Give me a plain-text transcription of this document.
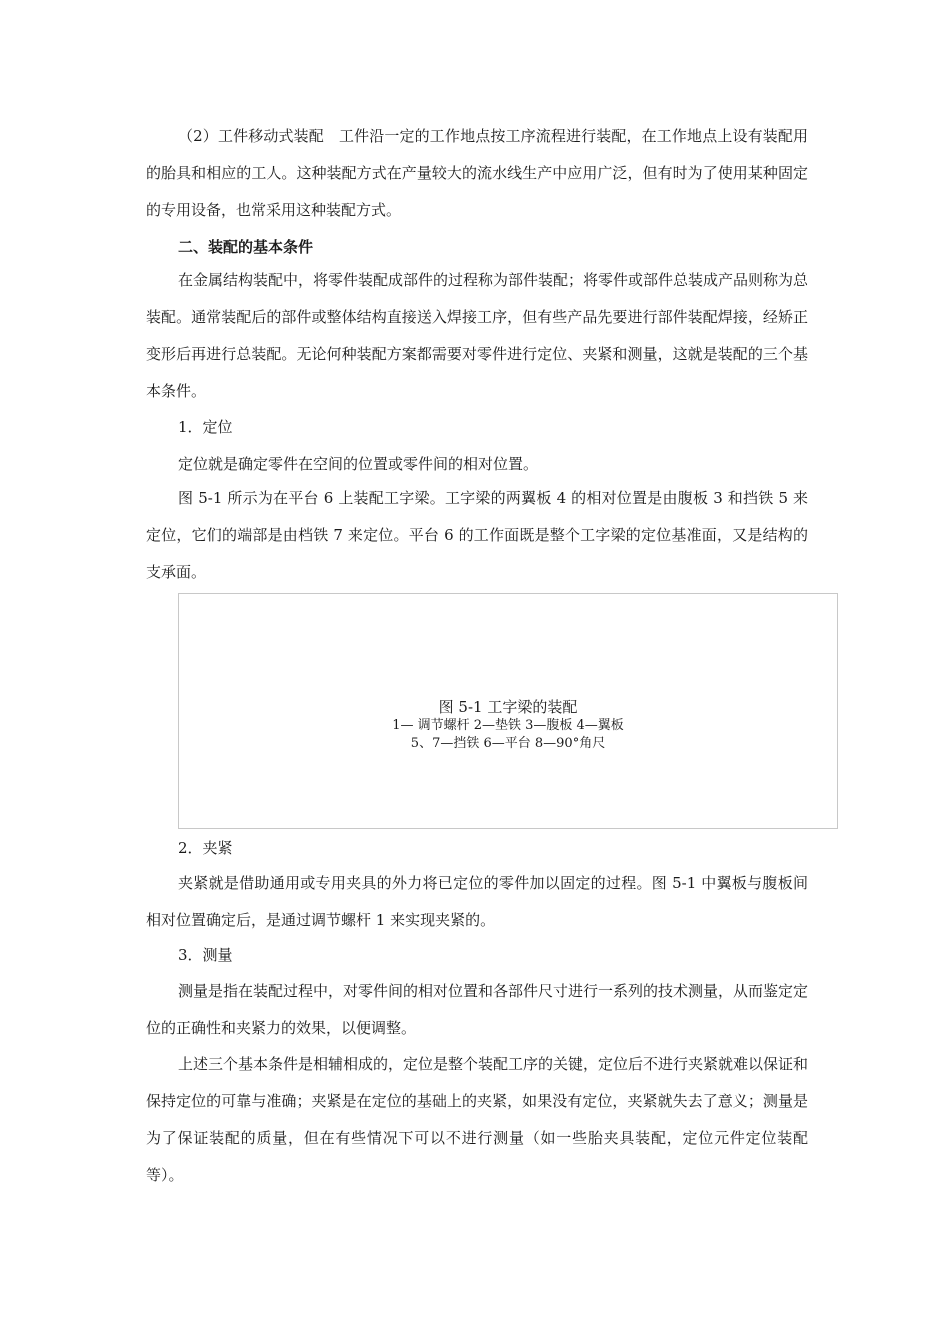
（2）工件移动式装配　工件沿一定的工作地点按工序流程进行装配，在工作地点上设有装配用的胎具和相应的工人。这种装配方式在产量较大的流水线生产中应用广泛，但有时为了使用某种固定的专用设备，也常采用这种装配方式。

二、装配的基本条件

在金属结构装配中，将零件装配成部件的过程称为部件装配；将零件或部件总装成产品则称为总装配。通常装配后的部件或整体结构直接送入焊接工序，但有些产品先要进行部件装配焊接，经矫正变形后再进行总装配。无论何种装配方案都需要对零件进行定位、夹紧和测量，这就是装配的三个基本条件。

1．定位

定位就是确定零件在空间的位置或零件间的相对位置。

图 5-1 所示为在平台 6 上装配工字梁。工字梁的两翼板 4 的相对位置是由腹板 3 和挡铁 5 来定位，它们的端部是由档铁 7 来定位。平台 6 的工作面既是整个工字梁的定位基准面，又是结构的支承面。

图 5-1 工字梁的装配
1— 调节螺杆 2—垫铁 3—腹板 4—翼板
5、7—挡铁 6—平台 8—90°角尺

2．夹紧

夹紧就是借助通用或专用夹具的外力将已定位的零件加以固定的过程。图 5-1 中翼板与腹板间相对位置确定后，是通过调节螺杆 1 来实现夹紧的。

3．测量

测量是指在装配过程中，对零件间的相对位置和各部件尺寸进行一系列的技术测量，从而鉴定定位的正确性和夹紧力的效果，以便调整。

上述三个基本条件是相辅相成的，定位是整个装配工序的关键，定位后不进行夹紧就难以保证和保持定位的可靠与准确；夹紧是在定位的基础上的夹紧，如果没有定位，夹紧就失去了意义；测量是为了保证装配的质量，但在有些情况下可以不进行测量（如一些胎夹具装配，定位元件定位装配等）。
